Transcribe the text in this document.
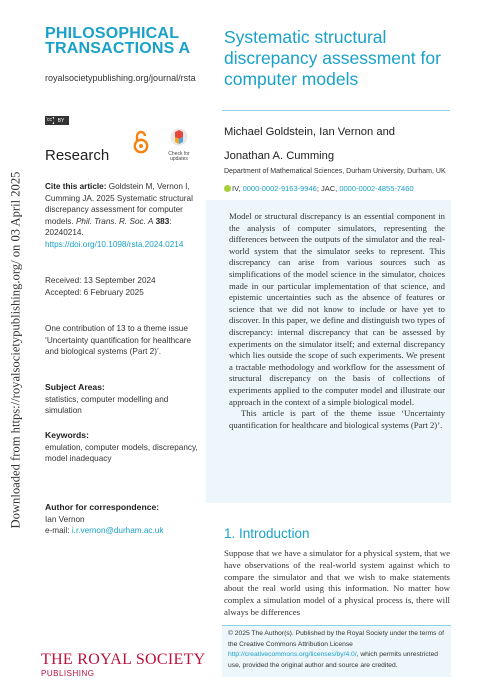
Downloaded from https://royalsocietypublishing.org/ on 03 April 2025
PHILOSOPHICAL
TRANSACTIONS A
royalsocietypublishing.org/journal/rsta
cc	BY
Research	Check for updates
Cite this article: Goldstein M, Vernon I, Cumming JA. 2025 Systematic structural discrepancy assessment for computer models. Phil. Trans. R. Soc. A 383: 20240214. https://doi.org/10.1098/rsta.2024.0214
Received: 13 September 2024
Accepted: 6 February 2025
One contribution of 13 to a theme issue ‘Uncertainty quantification for healthcare and biological systems (Part 2)’.
Subject Areas:
statistics, computer modelling and simulation
Keywords:
emulation, computer models, discrepancy, model inadequacy
Author for correspondence:
Ian Vernon
e-mail: i.r.vernon@durham.ac.uk
Systematic structural discrepancy assessment for computer models
Michael Goldstein, Ian Vernon and
Jonathan A. Cumming
Department of Mathematical Sciences, Durham University, Durham, UK
IV, 0000-0002-9163-9946; JAC, 0000-0002-4855-7460

Model or structural discrepancy is an essential component in the analysis of computer simulators, representing the differences between the outputs of the simulator and the real-world system that the simulator seeks to represent. This discrepancy can arise from various sources such as simplifications of the model science in the simulator, choices made in our particular implementation of that science, and epistemic uncertainties such as the absence of features or science that we did not know to include or have yet to discover. In this paper, we define and distinguish two types of discrepancy: internal discrepancy that can be assessed by experiments on the simulator itself; and external discrepancy which lies outside the scope of such experiments. We present a tractable methodology and workflow for the assessment of structural discrepancy on the basis of collections of experiments applied to the computer model and illustrate our approach in the context of a simple biological model.

This article is part of the theme issue ‘Uncertainty quantification for healthcare and biological systems (Part 2)’.

1. Introduction
Suppose that we have a simulator for a physical system, that we have observations of the real-world system against which to compare the simulator and that we wish to make statements about the real world using this information. No matter how complex a simulation model of a physical process is, there will always be differences
© 2025 The Author(s). Published by the Royal Society under the terms of the Creative Commons Attribution License http://creativecommons.org/licenses/by/4.0/, which permits unrestricted use, provided the original author and source are credited.
THE ROYAL SOCIETY
PUBLISHING
